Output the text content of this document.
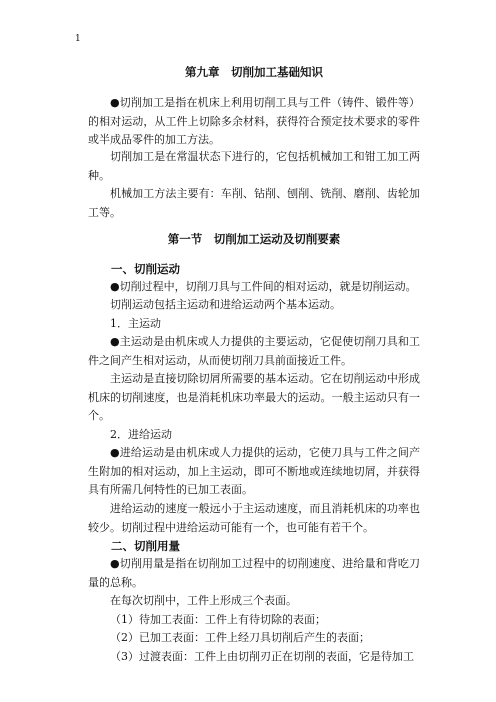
1
第九章　切削加工基础知识
●切削加工是指在机床上利用切削工具与工件（铸件、锻件等）的相对运动，从工件上切除多余材料，获得符合预定技术要求的零件或半成品零件的加工方法。
切削加工是在常温状态下进行的，它包括机械加工和钳工加工两种。
机械加工方法主要有：车削、钻削、刨削、铣削、磨削、齿轮加工等。
第一节　切削加工运动及切削要素
一、切削运动
●切削过程中，切削刀具与工件间的相对运动，就是切削运动。
切削运动包括主运动和进给运动两个基本运动。
1．主运动
●主运动是由机床或人力提供的主要运动，它促使切削刀具和工件之间产生相对运动，从而使切削刀具前面接近工件。
主运动是直接切除切屑所需要的基本运动。它在切削运动中形成机床的切削速度，也是消耗机床功率最大的运动。一般主运动只有一个。
2．进给运动
●进给运动是由机床或人力提供的运动，它使刀具与工件之间产生附加的相对运动，加上主运动，即可不断地或连续地切屑，并获得具有所需几何特性的已加工表面。
进给运动的速度一般远小于主运动速度，而且消耗机床的功率也较少。切削过程中进给运动可能有一个，也可能有若干个。
二、切削用量
●切削用量是指在切削加工过程中的切削速度、进给量和背吃刀量的总称。
在每次切削中，工件上形成三个表面。
（1）待加工表面：工件上有待切除的表面；
（2）已加工表面：工件上经刀具切削后产生的表面；
（3）过渡表面：工件上由切削刃正在切削的表面，它是待加工
